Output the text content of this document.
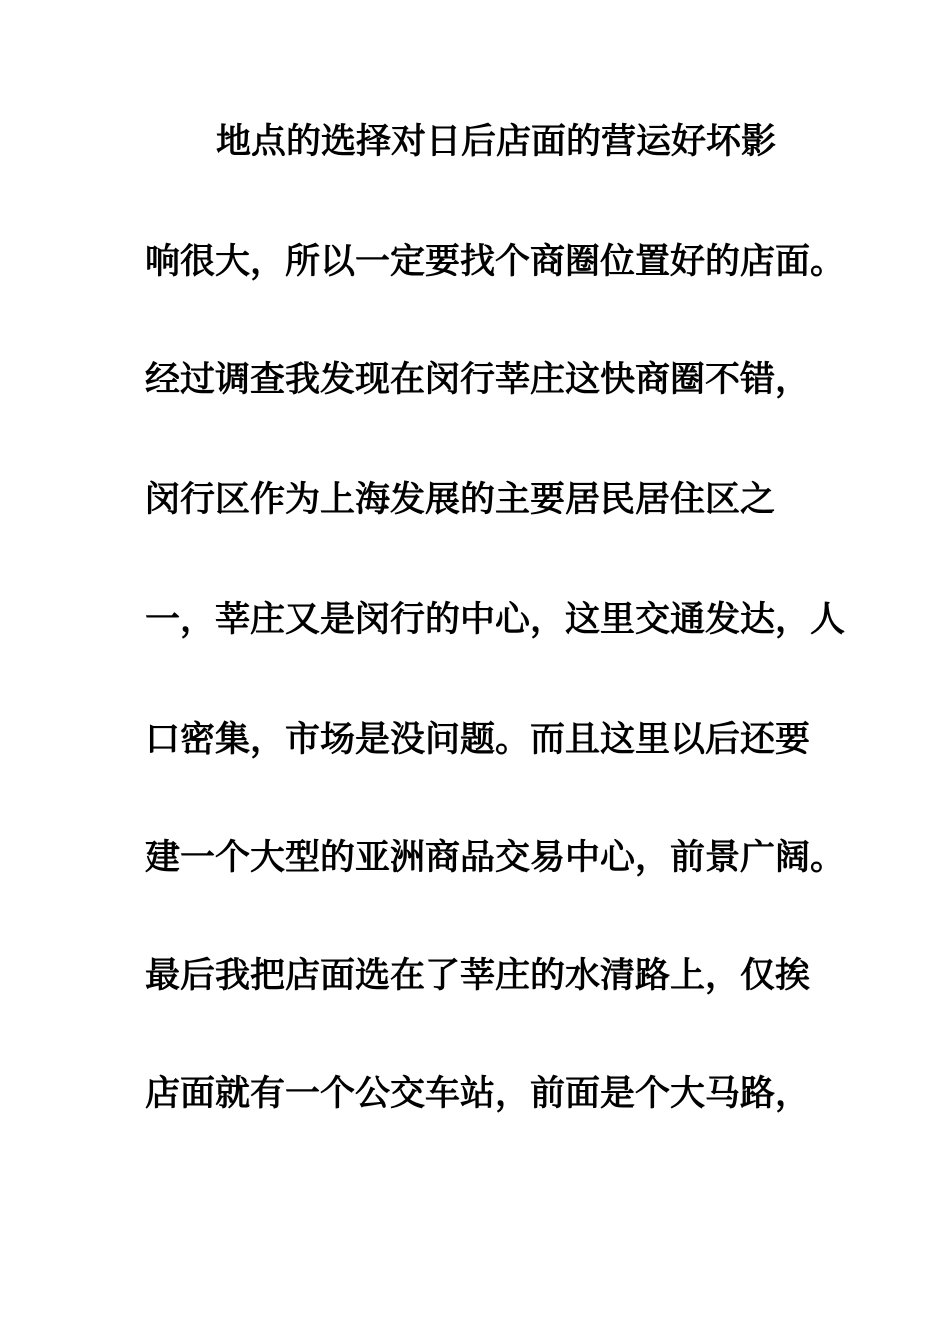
地点的选择对日后店面的营运好坏影
响很大，所以一定要找个商圈位置好的店面。
经过调查我发现在闵行莘庄这快商圈不错，
闵行区作为上海发展的主要居民居住区之
一，莘庄又是闵行的中心，这里交通发达，人
口密集，市场是没问题。而且这里以后还要
建一个大型的亚洲商品交易中心，前景广阔。
最后我把店面选在了莘庄的水清路上，仅挨
店面就有一个公交车站，前面是个大马路，
